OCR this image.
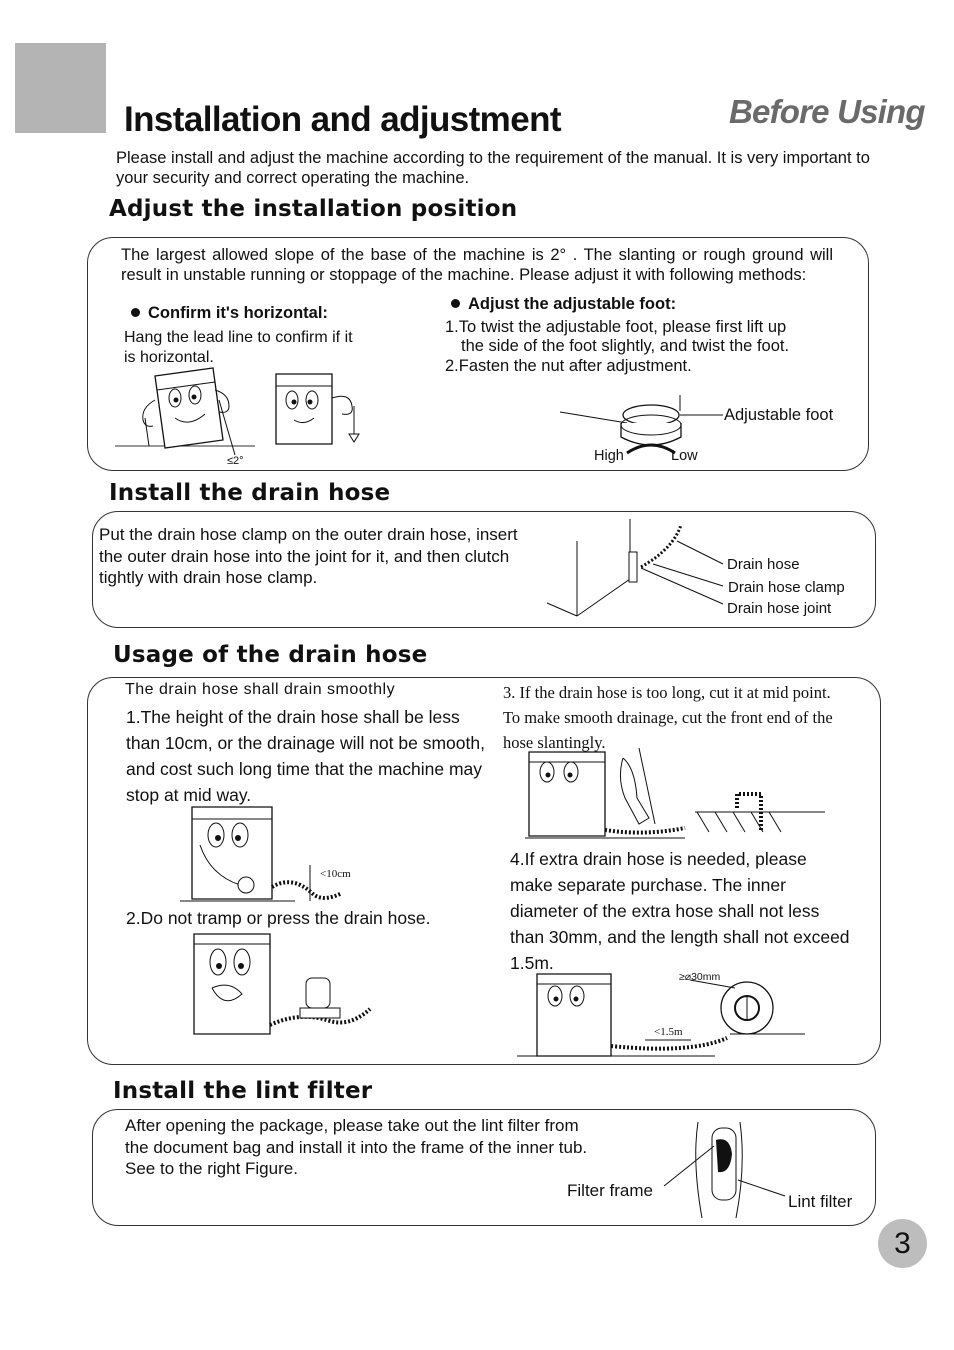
Installation and adjustment	Before Using
Please install and adjust the machine according to the requirement of the manual. It is very important to your security and correct operating the machine.
Adjust the installation position
The largest allowed slope of the base of the machine is 2° . The slanting or rough ground will result in unstable running or stoppage of the machine. Please adjust it with following methods:
Confirm it's horizontal:
Hang the lead line to confirm if it is horizontal.
Adjust the adjustable foot:
1.To twist the adjustable foot, please first lift up
the side of the foot slightly, and twist the foot.
2.Fasten the nut after adjustment.
≤2°
Adjustable foot
High	Low
Install the drain hose
Put the drain hose clamp on the outer drain hose, insert the outer drain hose into the joint for it, and then clutch tightly with drain hose clamp.
Drain hose
Drain hose clamp
Drain hose joint
Usage of the drain hose
The drain hose shall drain smoothly
1.The height of the drain hose shall be less than 10cm, or the drainage will not be smooth, and cost such long time that the machine may stop at mid way.
<10cm
2.Do not tramp or press the drain hose.
3. If the drain hose is too long, cut it at mid point. To make smooth drainage, cut the front end of the hose slantingly.
4.If extra drain hose is needed, please make separate purchase. The inner diameter of the extra hose shall not less than 30mm, and the length shall not exceed 1.5m.
≥⌀30mm
<1.5m
Install the lint filter
After opening the package, please take out the lint filter from the document bag and install it into the frame of the inner tub. See to the right Figure.
Filter frame
Lint filter
3
